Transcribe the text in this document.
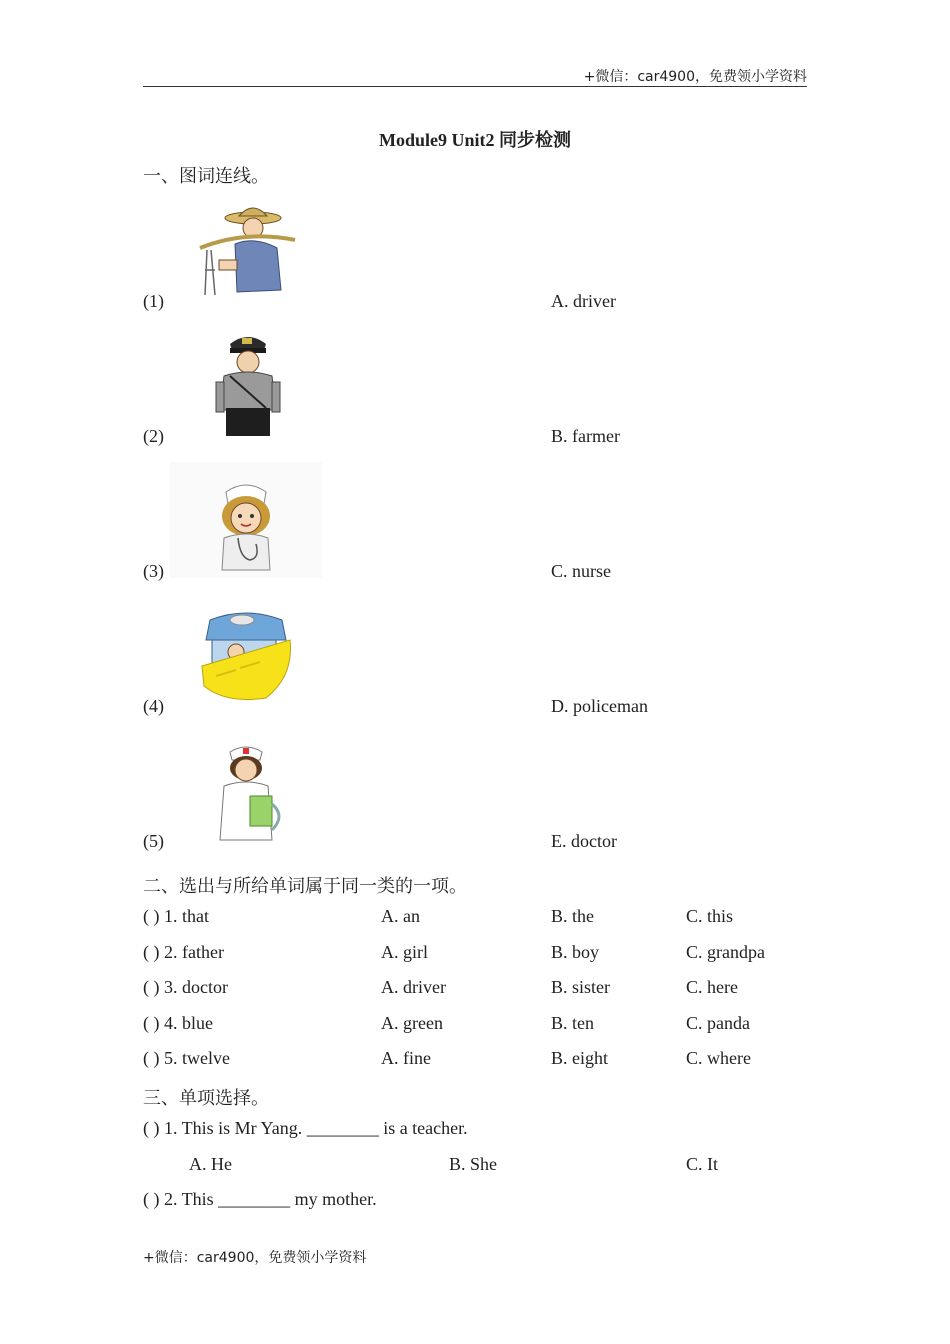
+微信：car4900，免费领小学资料
Module9 Unit2 同步检测
一、图词连线。
(1)	A. driver
(2)	B. farmer
(3)	C. nurse
(4)	D. policeman
(5)	E. doctor
二、选出与所给单词属于同一类的一项。
( ) 1. that	A. an	B. the	C. this
( ) 2. father	A. girl	B. boy	C. grandpa
( ) 3. doctor	A. driver	B. sister	C. here
( ) 4. blue	A. green	B. ten	C. panda
( ) 5. twelve	A. fine	B. eight	C. where
三、单项选择。
( ) 1. This is Mr Yang. ________ is a teacher.
A. He	B. She	C. It
( ) 2. This ________ my mother.
+微信：car4900，免费领小学资料
